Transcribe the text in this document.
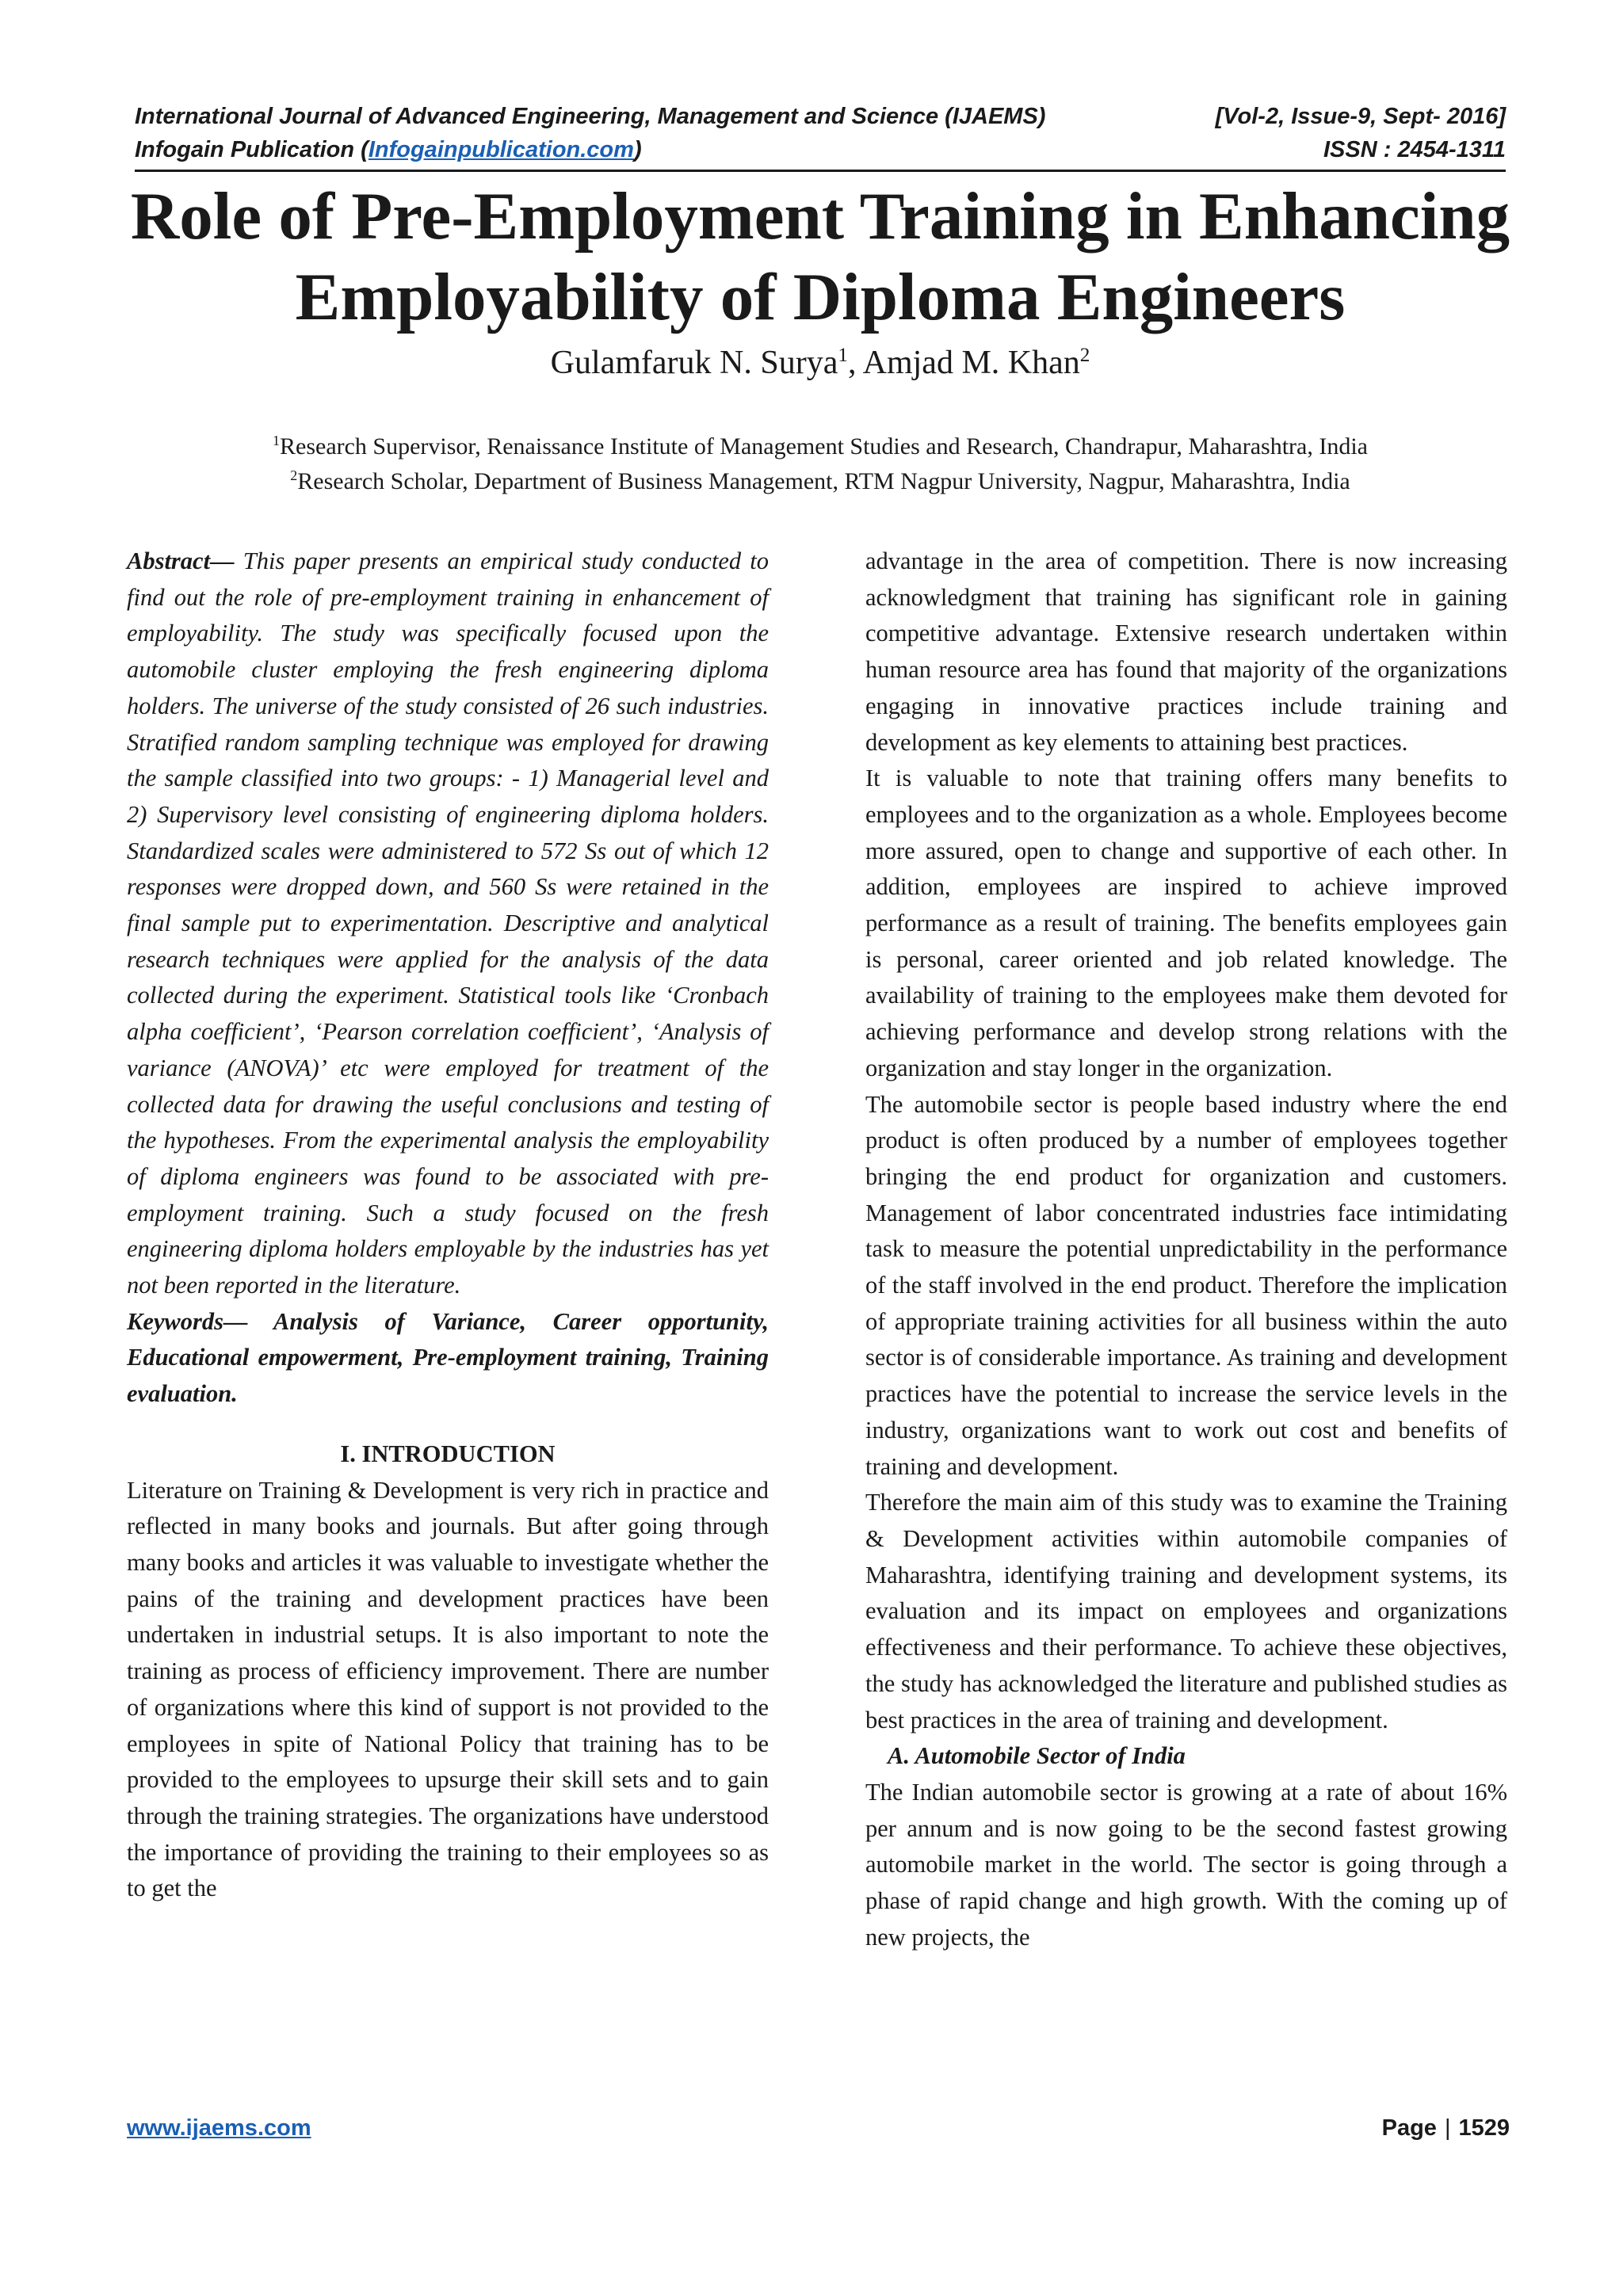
International Journal of Advanced Engineering, Management and Science (IJAEMS)	[Vol-2, Issue-9, Sept- 2016]
Infogain Publication (Infogainpublication.com)	ISSN : 2454-1311
Role of Pre-Employment Training in Enhancing
Employability of Diploma Engineers
Gulamfaruk N. Surya$^1$, Amjad M. Khan$^2$
$^1$Research Supervisor, Renaissance Institute of Management Studies and Research, Chandrapur, Maharashtra, India
$^2$Research Scholar, Department of Business Management, RTM Nagpur University, Nagpur, Maharashtra, India

Abstract— This paper presents an empirical study conducted to find out the role of pre-employment training in enhancement of employability. The study was specifically focused upon the automobile cluster employing the fresh engineering diploma holders. The universe of the study consisted of 26 such industries. Stratified random sampling technique was employed for drawing the sample classified into two groups: - 1) Managerial level and 2) Supervisory level consisting of engineering diploma holders. Standardized scales were administered to 572 Ss out of which 12 responses were dropped down, and 560 Ss were retained in the final sample put to experimentation. Descriptive and analytical research techniques were applied for the analysis of the data collected during the experiment. Statistical tools like ‘Cronbach alpha coefficient’, ‘Pearson correlation coefficient’, ‘Analysis of variance (ANOVA)’ etc were employed for treatment of the collected data for drawing the useful conclusions and testing of the hypotheses. From the experimental analysis the employability of diploma engineers was found to be associated with pre-employment training. Such a study focused on the fresh engineering diploma holders employable by the industries has yet not been reported in the literature.

Keywords— Analysis of Variance, Career opportunity, Educational empowerment, Pre-employment training, Training evaluation.

I. INTRODUCTION

Literature on Training & Development is very rich in practice and reflected in many books and journals. But after going through many books and articles it was valuable to investigate whether the pains of the training and development practices have been undertaken in industrial setups. It is also important to note the training as process of efficiency improvement. There are number of organizations where this kind of support is not provided to the employees in spite of National Policy that training has to be provided to the employees to upsurge their skill sets and to gain through the training strategies. The organizations have understood the importance of providing the training to their employees so as to get the

advantage in the area of competition. There is now increasing acknowledgment that training has significant role in gaining competitive advantage. Extensive research undertaken within human resource area has found that majority of the organizations engaging in innovative practices include training and development as key elements to attaining best practices.

It is valuable to note that training offers many benefits to employees and to the organization as a whole. Employees become more assured, open to change and supportive of each other. In addition, employees are inspired to achieve improved performance as a result of training. The benefits employees gain is personal, career oriented and job related knowledge. The availability of training to the employees make them devoted for achieving performance and develop strong relations with the organization and stay longer in the organization.

The automobile sector is people based industry where the end product is often produced by a number of employees together bringing the end product for organization and customers. Management of labor concentrated industries face intimidating task to measure the potential unpredictability in the performance of the staff involved in the end product. Therefore the implication of appropriate training activities for all business within the auto sector is of considerable importance. As training and development practices have the potential to increase the service levels in the industry, organizations want to work out cost and benefits of training and development.

Therefore the main aim of this study was to examine the Training & Development activities within automobile companies of Maharashtra, identifying training and development systems, its evaluation and its impact on employees and organizations effectiveness and their performance. To achieve these objectives, the study has acknowledged the literature and published studies as best practices in the area of training and development.

A. Automobile Sector of India

The Indian automobile sector is growing at a rate of about 16% per annum and is now going to be the second fastest growing automobile market in the world. The sector is going through a phase of rapid change and high growth. With the coming up of new projects, the

www.ijaems.com	Page | 1529
